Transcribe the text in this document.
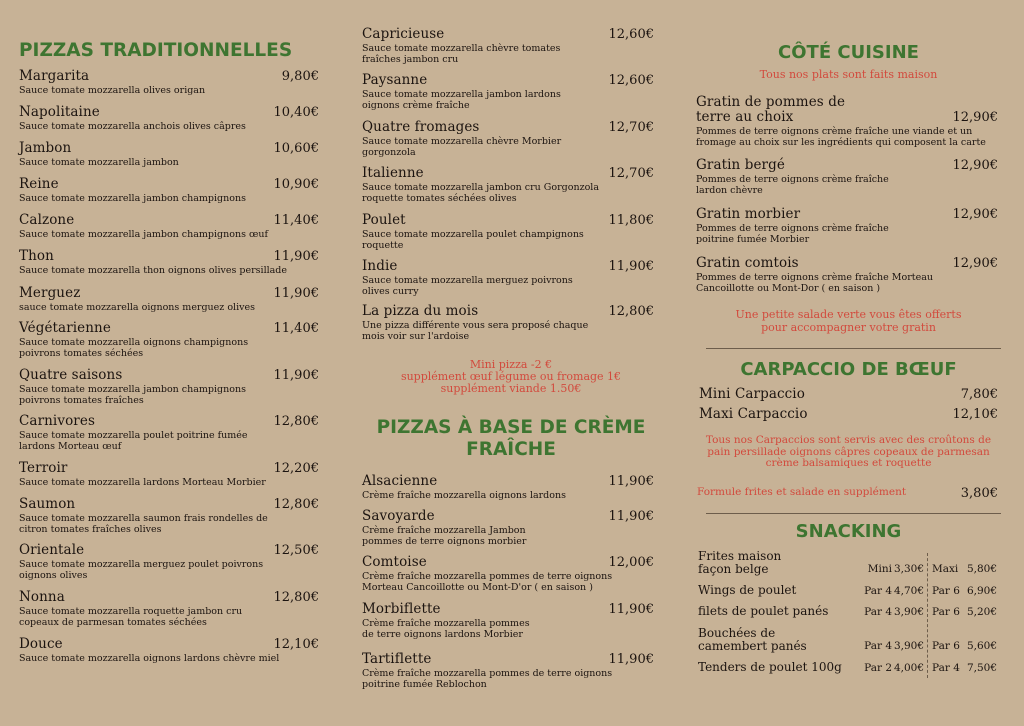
PIZZAS TRADITIONNELLES
Margarita
Sauce tomate mozzarella olives origan
9,80€
Napolitaine
Sauce tomate mozzarella anchois olives câpres
10,40€
Jambon
Sauce tomate mozzarella jambon
10,60€
Reine
Sauce tomate mozzarella jambon champignons
10,90€
Calzone
Sauce tomate mozzarella jambon champignons œuf
11,40€
Thon
Sauce tomate mozzarella thon oignons olives persillade
11,90€
Merguez
sauce tomate mozzarella oignons merguez olives
11,90€
Végétarienne
Sauce tomate mozzarella oignons champignons
poivrons tomates séchées
11,40€
Quatre saisons
Sauce tomate mozzarella jambon champignons
poivrons tomates fraîches
11,90€
Carnivores
Sauce tomate mozzarella poulet poitrine fumée
lardons Morteau œuf
12,80€
Terroir
Sauce tomate mozzarella lardons Morteau Morbier
12,20€
Saumon
Sauce tomate mozzarella saumon frais rondelles de
citron tomates fraîches olives
12,80€
Orientale
Sauce tomate mozzarella merguez poulet poivrons
oignons olives
12,50€
Nonna
Sauce tomate mozzarella roquette jambon cru
copeaux de parmesan tomates séchées
12,80€
Douce
Sauce tomate mozzarella oignons lardons chèvre miel
12,10€
Mini pizza -2 €
supplément œuf légume ou fromage 1€
supplément viande 1.50€
PIZZAS À BASE DE CRÈME
FRAÎCHE
Capricieuse
Sauce tomate mozzarella chèvre tomates
fraîches jambon cru
12,60€
Paysanne
Sauce tomate mozzarella jambon lardons
oignons crème fraîche
12,60€
Quatre fromages
Sauce tomate mozzarella chèvre Morbier
gorgonzola
12,70€
Italienne
Sauce tomate mozzarella jambon cru Gorgonzola
roquette tomates séchées olives
12,70€
Poulet
Sauce tomate mozzarella poulet champignons
roquette
11,80€
Indie
Sauce tomate mozzarella merguez poivrons
olives curry
11,90€
La pizza du mois
Une pizza différente vous sera proposé chaque
mois voir sur l'ardoise
12,80€
Alsacienne
Crème fraîche mozzarella oignons lardons
11,90€
Savoyarde
Crème fraîche mozzarella Jambon
pommes de terre oignons morbier
11,90€
Comtoise
Crème fraîche mozzarella pommes de terre oignons
Morteau Cancoillotte ou Mont-D'or ( en saison )
12,00€
Morbiflette
Crème fraîche mozzarella pommes
de terre oignons lardons Morbier
11,90€
Tartiflette
Crème fraîche mozzarella pommes de terre oignons
poitrine fumée Reblochon
11,90€
CÔTÉ CUISINE
Tous nos plats sont faits maison
Une petite salade verte vous êtes offerts
pour accompagner votre gratin
CARPACCIO DE BŒUF
Tous nos Carpaccios sont servis avec des croûtons de
pain persillade oignons câpres copeaux de parmesan
crème balsamiques et roquette
Formule frites et salade en supplément	3,80€
SNACKING
Gratin de pommes de
terre au choix
Pommes de terre oignons crème fraîche une viande et un
fromage au choix sur les ingrédients qui composent la carte
12,90€
Gratin bergé
Pommes de terre oignons crème fraîche
lardon chèvre
12,90€
Gratin morbier
Pommes de terre oignons crème fraîche
poitrine fumée Morbier
12,90€
Gratin comtois
Pommes de terre oignons crème fraîche Morteau
Cancoillotte ou Mont-Dor ( en saison )
12,90€
Mini Carpaccio	7,80€
Maxi Carpaccio	12,10€
Frites maison
façon belge	Mini 3,30€ Maxi 5,80€
Wings de poulet	Par 4 4,70€ Par 6 6,90€
filets de poulet panés	Par 4 3,90€ Par 6 5,20€
Bouchées de
camembert panés	Par 4 3,90€ Par 6 5,60€
Tenders de poulet 100g	Par 2 4,00€ Par 4 7,50€
